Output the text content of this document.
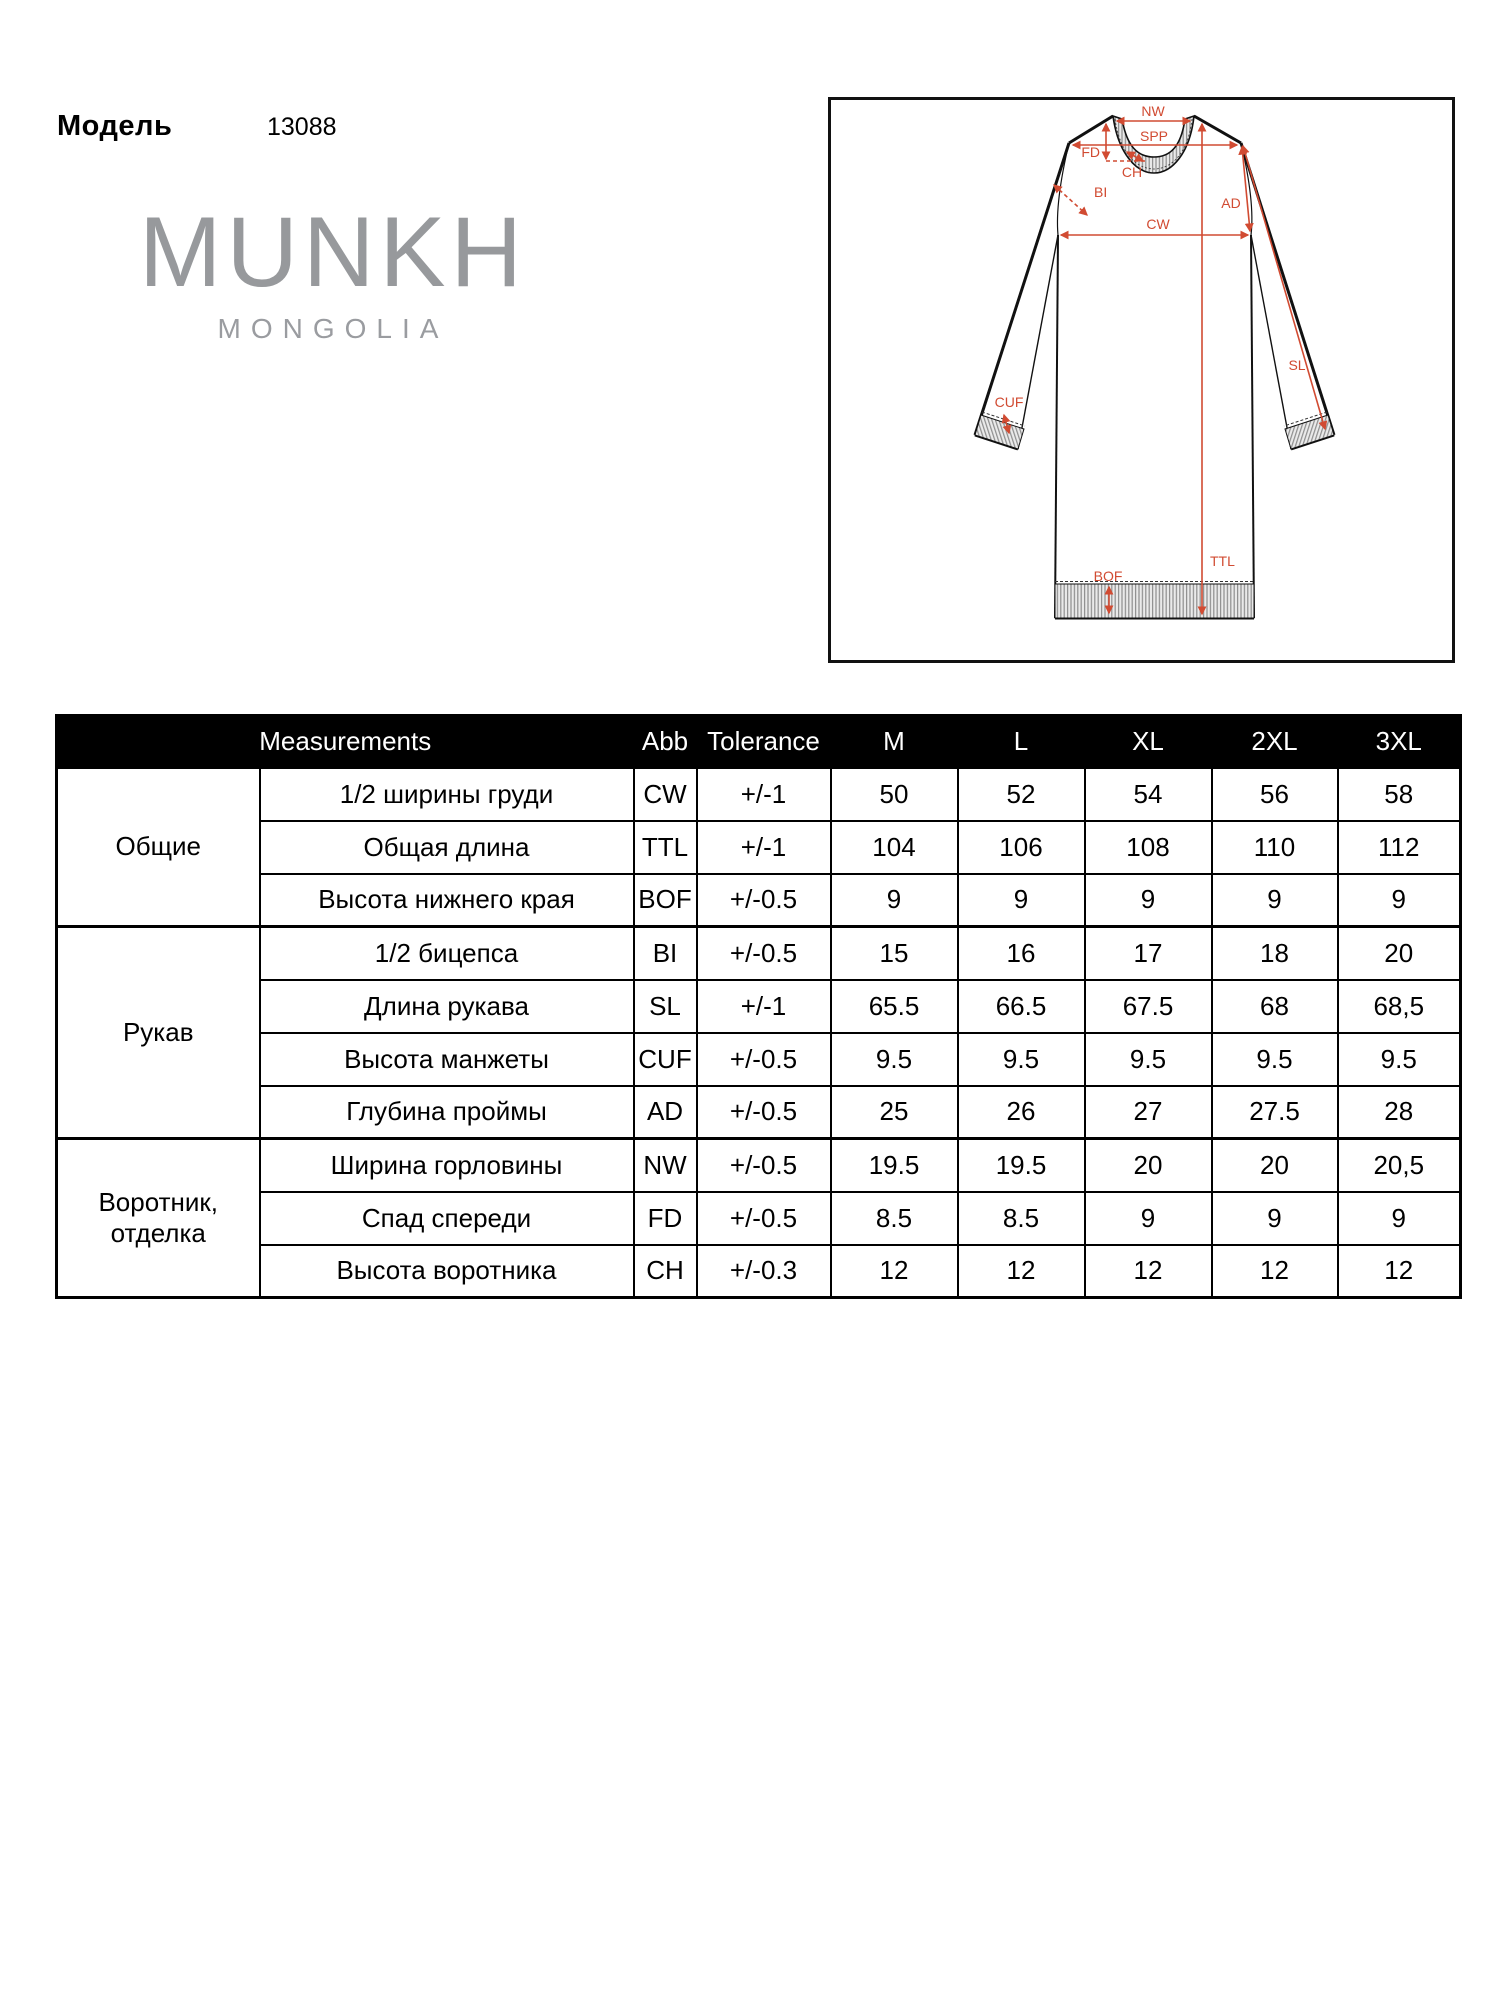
Модель	13088
MUNKH
MONGOLIA
NW
SPP
FD
CH
BI
CW
AD
SL
TTL
CUF
BOF
Measurements		Abb	Tolerance	M	L	XL	2XL	3XL
Общие	1/2 ширины груди	CW	+/-1	50	52	54	56	58
	Общая длина	TTL	+/-1	104	106	108	110	112
	Высота нижнего края	BOF	+/-0.5	9	9	9	9	9
Рукав	1/2 бицепса	BI	+/-0.5	15	16	17	18	20
	Длина рукава	SL	+/-1	65.5	66.5	67.5	68	68,5
	Высота манжеты	CUF	+/-0.5	9.5	9.5	9.5	9.5	9.5
	Глубина проймы	AD	+/-0.5	25	26	27	27.5	28
Воротник, отделка	Ширина горловины	NW	+/-0.5	19.5	19.5	20	20	20,5
	Спад спереди	FD	+/-0.5	8.5	8.5	9	9	9
	Высота воротника	CH	+/-0.3	12	12	12	12	12
